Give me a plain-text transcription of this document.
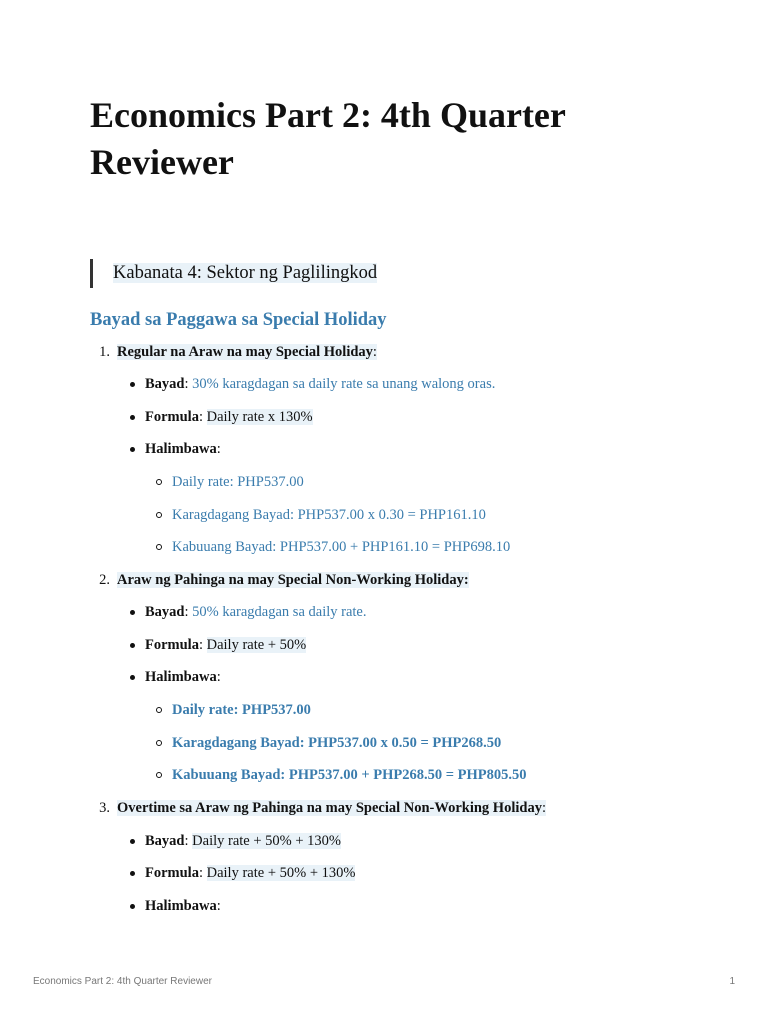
Economics Part 2: 4th Quarter Reviewer
Kabanata 4: Sektor ng Paglilingkod
Bayad sa Paggawa sa Special Holiday
1. Regular na Araw na may Special Holiday:
Bayad: 30% karagdagan sa daily rate sa unang walong oras.
Formula: Daily rate x 130%
Halimbawa:
Daily rate: PHP537.00
Karagdagang Bayad: PHP537.00 x 0.30 = PHP161.10
Kabuuang Bayad: PHP537.00 + PHP161.10 = PHP698.10
2. Araw ng Pahinga na may Special Non-Working Holiday:
Bayad: 50% karagdagan sa daily rate.
Formula: Daily rate + 50%
Halimbawa:
Daily rate: PHP537.00
Karagdagang Bayad: PHP537.00 x 0.50 = PHP268.50
Kabuuang Bayad: PHP537.00 + PHP268.50 = PHP805.50
3. Overtime sa Araw ng Pahinga na may Special Non-Working Holiday:
Bayad: Daily rate + 50% + 130%
Formula: Daily rate + 50% + 130%
Halimbawa:
Economics Part 2: 4th Quarter Reviewer	1
